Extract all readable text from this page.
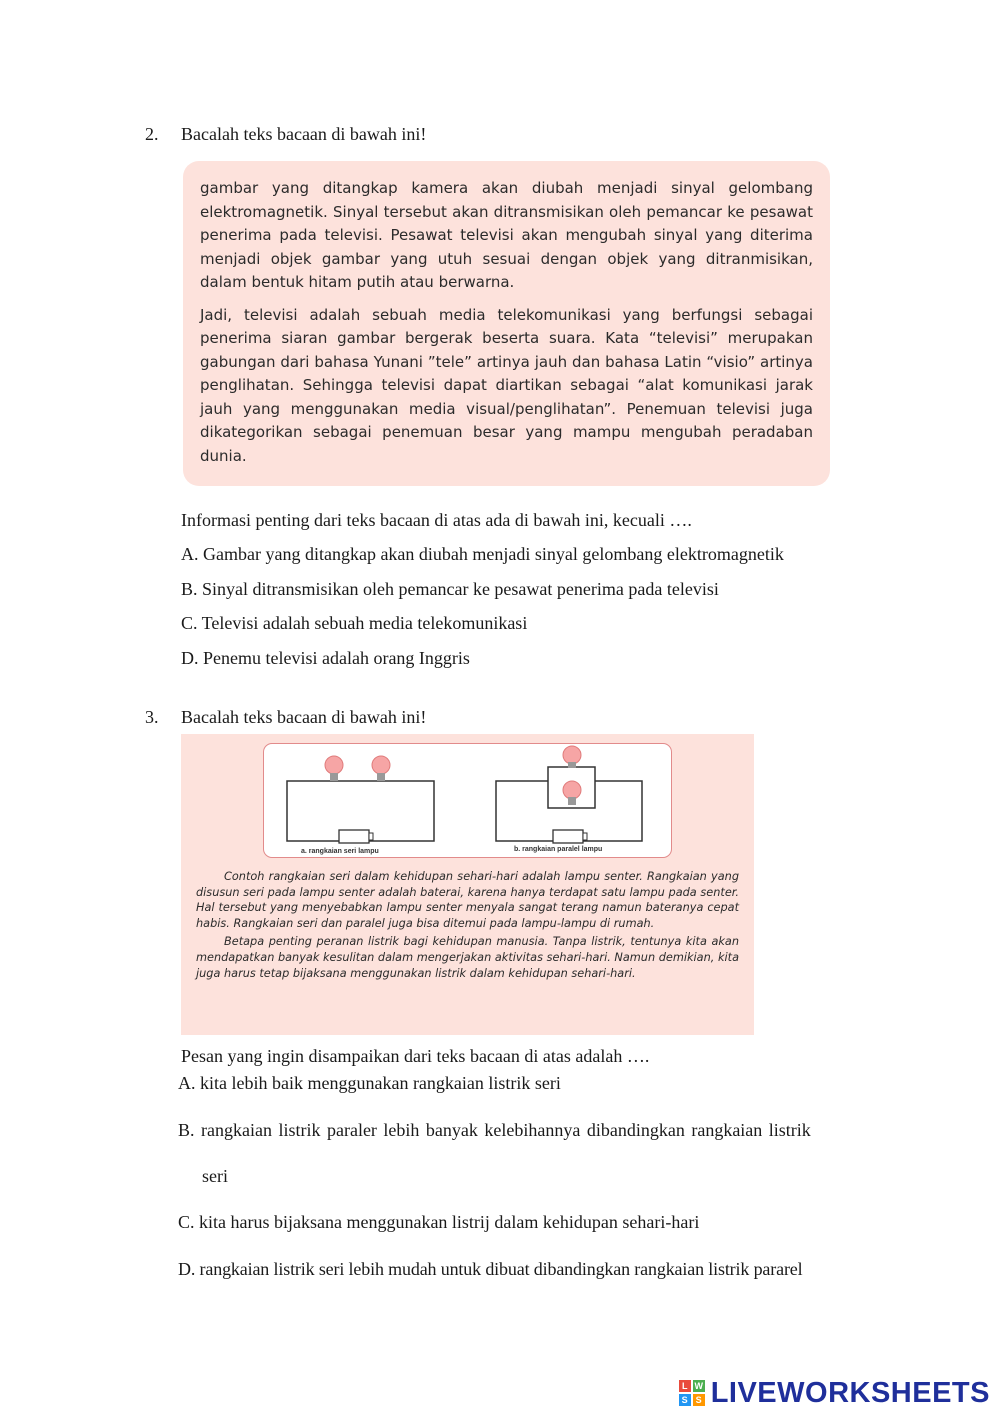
2. Bacalah teks bacaan di bawah ini!

gambar yang ditangkap kamera akan diubah menjadi sinyal gelombang elektromagnetik. Sinyal tersebut akan ditransmisikan oleh pemancar ke pesawat penerima pada televisi. Pesawat televisi akan mengubah sinyal yang diterima menjadi objek gambar yang utuh sesuai dengan objek yang ditranmisikan, dalam bentuk hitam putih atau berwarna.

Jadi, televisi adalah sebuah media telekomunikasi yang berfungsi sebagai penerima siaran gambar bergerak beserta suara. Kata “televisi” merupakan gabungan dari bahasa Yunani ”tele” artinya jauh dan bahasa Latin “visio” artinya penglihatan. Sehingga televisi dapat diartikan sebagai “alat komunikasi jarak jauh yang menggunakan media visual/penglihatan”. Penemuan televisi juga dikategorikan sebagai penemuan besar yang mampu mengubah peradaban dunia.

Informasi penting dari teks bacaan di atas ada di bawah ini, kecuali ….
A. Gambar yang ditangkap akan diubah menjadi sinyal gelombang elektromagnetik
B. Sinyal ditransmisikan oleh pemancar ke pesawat penerima pada televisi
C. Televisi adalah sebuah media telekomunikasi
D. Penemu televisi adalah orang Inggris
3. Bacalah teks bacaan di bawah ini!
a. rangkaian seri lampu	b. rangkaian paralel lampu

Contoh rangkaian seri dalam kehidupan sehari-hari adalah lampu senter. Rangkaian yang disusun seri pada lampu senter adalah baterai, karena hanya terdapat satu lampu pada senter. Hal tersebut yang menyebabkan lampu senter menyala sangat terang namun bateranya cepat habis. Rangkaian seri dan paralel juga bisa ditemui pada lampu-lampu di rumah.

Betapa penting peranan listrik bagi kehidupan manusia. Tanpa listrik, tentunya kita akan mendapatkan banyak kesulitan dalam mengerjakan aktivitas sehari-hari. Namun demikian, kita juga harus tetap bijaksana menggunakan listrik dalam kehidupan sehari-hari.

Pesan yang ingin disampaikan dari teks bacaan di atas adalah ….
A. kita lebih baik menggunakan rangkaian listrik seri
B. rangkaian listrik paraler lebih banyak kelebihannya dibandingkan rangkaian listrik
seri
C. kita harus bijaksana menggunakan listrij dalam kehidupan sehari-hari
D. rangkaian listrik seri lebih mudah untuk dibuat dibandingkan rangkaian listrik pararel
L W
S S LIVEWORKSHEETS
